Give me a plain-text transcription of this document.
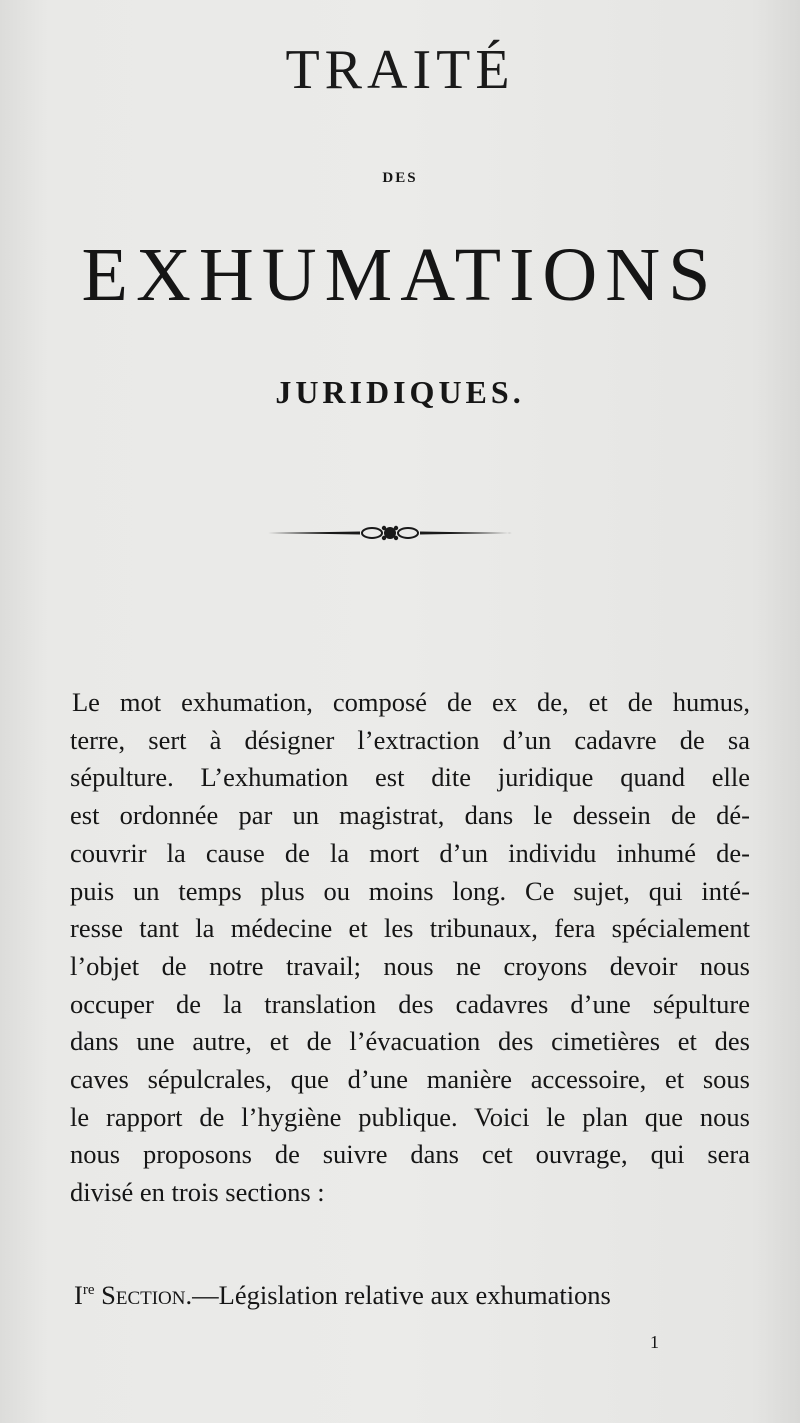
TRAITÉ
DES
EXHUMATIONS
JURIDIQUES.
Le mot exhumation, composé de ex de, et de humus,
terre, sert à désigner l’extraction d’un cadavre de sa
sépulture. L’exhumation est dite juridique quand elle
est ordonnée par un magistrat, dans le dessein de dé-
couvrir la cause de la mort d’un individu inhumé de-
puis un temps plus ou moins long. Ce sujet, qui inté-
resse tant la médecine et les tribunaux, fera spécialement
l’objet de notre travail; nous ne croyons devoir nous
occuper de la translation des cadavres d’une sépulture
dans une autre, et de l’évacuation des cimetières et des
caves sépulcrales, que d’une manière accessoire, et sous
le rapport de l’hygiène publique. Voici le plan que nous
nous proposons de suivre dans cet ouvrage, qui sera
divisé en trois sections :
Ire Section.—Législation relative aux exhumations
1
